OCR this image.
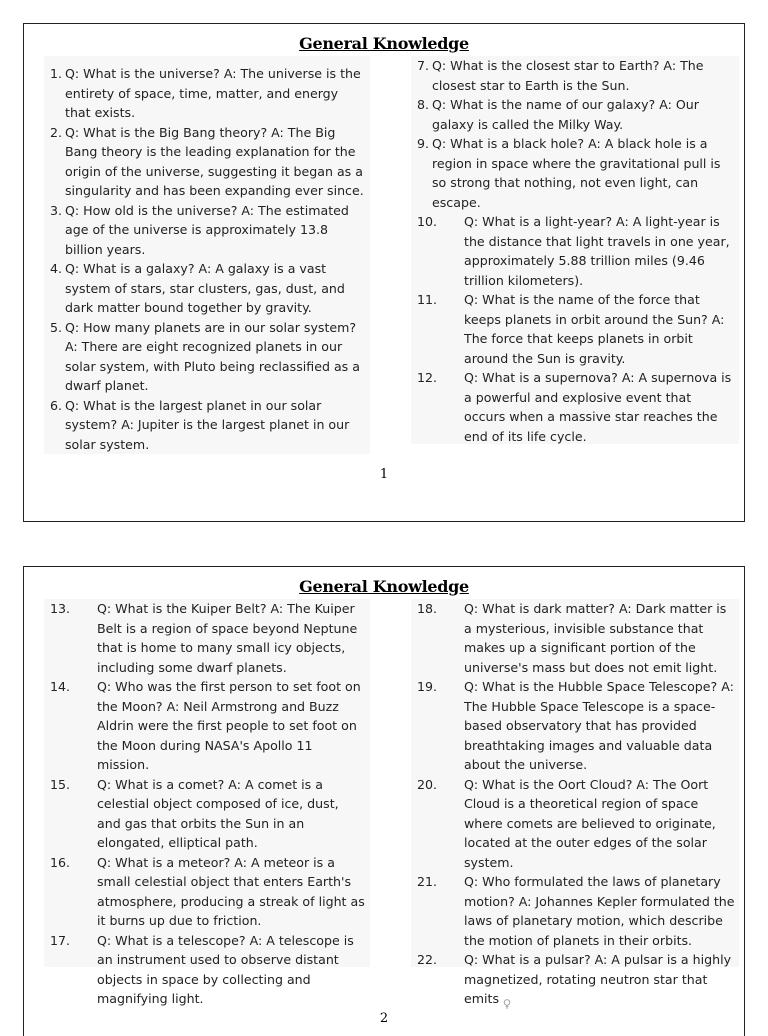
General Knowledge
1. Q: What is the universe? A: The universe is the entirety of space, time, matter, and energy that exists.
2. Q: What is the Big Bang theory? A: The Big Bang theory is the leading explanation for the origin of the universe, suggesting it began as a singularity and has been expanding ever since.
3. Q: How old is the universe? A: The estimated age of the universe is approximately 13.8 billion years.
4. Q: What is a galaxy? A: A galaxy is a vast system of stars, star clusters, gas, dust, and dark matter bound together by gravity.
5. Q: How many planets are in our solar system? A: There are eight recognized planets in our solar system, with Pluto being reclassified as a dwarf planet.
6. Q: What is the largest planet in our solar system? A: Jupiter is the largest planet in our solar system.
7. Q: What is the closest star to Earth? A: The closest star to Earth is the Sun.
8. Q: What is the name of our galaxy? A: Our galaxy is called the Milky Way.
9. Q: What is a black hole? A: A black hole is a region in space where the gravitational pull is so strong that nothing, not even light, can escape.
10.	Q: What is a light-year? A: A light-year is the distance that light travels in one year, approximately 5.88 trillion miles (9.46 trillion kilometers).
11.	Q: What is the name of the force that keeps planets in orbit around the Sun? A: The force that keeps planets in orbit around the Sun is gravity.
12.	Q: What is a supernova? A: A supernova is a powerful and explosive event that occurs when a massive star reaches the end of its life cycle.
1
General Knowledge
13.	Q: What is the Kuiper Belt? A: The Kuiper Belt is a region of space beyond Neptune that is home to many small icy objects, including some dwarf planets.
14.	Q: Who was the first person to set foot on the Moon? A: Neil Armstrong and Buzz Aldrin were the first people to set foot on the Moon during NASA's Apollo 11 mission.
15.	Q: What is a comet? A: A comet is a celestial object composed of ice, dust, and gas that orbits the Sun in an elongated, elliptical path.
16.	Q: What is a meteor? A: A meteor is a small celestial object that enters Earth's atmosphere, producing a streak of light as it burns up due to friction.
17.	Q: What is a telescope? A: A telescope is an instrument used to observe distant objects in space by collecting and magnifying light.
18.	Q: What is dark matter? A: Dark matter is a mysterious, invisible substance that makes up a significant portion of the universe's mass but does not emit light.
19.	Q: What is the Hubble Space Telescope? A: The Hubble Space Telescope is a space-based observatory that has provided breathtaking images and valuable data about the universe.
20.	Q: What is the Oort Cloud? A: The Oort Cloud is a theoretical region of space where comets are believed to originate, located at the outer edges of the solar system.
21.	Q: Who formulated the laws of planetary motion? A: Johannes Kepler formulated the laws of planetary motion, which describe the motion of planets in their orbits.
22.	Q: What is a pulsar? A: A pulsar is a highly magnetized, rotating neutron star that emits
2
